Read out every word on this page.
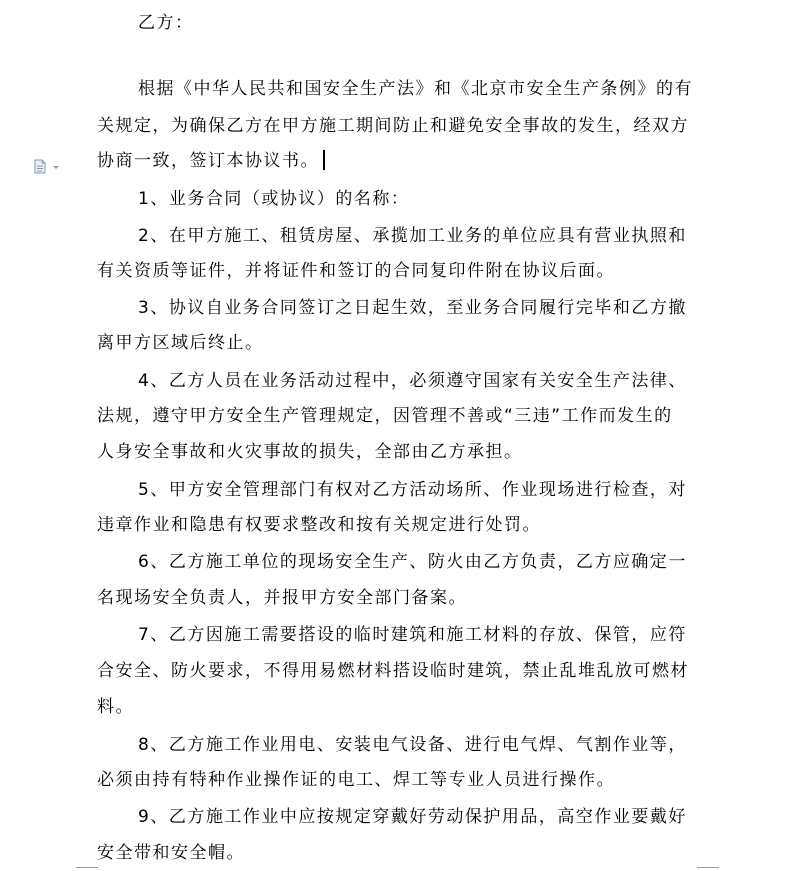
乙方：
根据《中华人民共和国安全生产法》和《北京市安全生产条例》的有
关规定，为确保乙方在甲方施工期间防止和避免安全事故的发生，经双方
协商一致，签订本协议书。
1、业务合同（或协议）的名称：
2、在甲方施工、租赁房屋、承揽加工业务的单位应具有营业执照和
有关资质等证件，并将证件和签订的合同复印件附在协议后面。
3、协议自业务合同签订之日起生效，至业务合同履行完毕和乙方撤
离甲方区域后终止。
4、乙方人员在业务活动过程中，必须遵守国家有关安全生产法律、
法规，遵守甲方安全生产管理规定，因管理不善或“三违”工作而发生的
人身安全事故和火灾事故的损失，全部由乙方承担。
5、甲方安全管理部门有权对乙方活动场所、作业现场进行检查，对
违章作业和隐患有权要求整改和按有关规定进行处罚。
6、乙方施工单位的现场安全生产、防火由乙方负责，乙方应确定一
名现场安全负责人，并报甲方安全部门备案。
7、乙方因施工需要搭设的临时建筑和施工材料的存放、保管，应符
合安全、防火要求，不得用易燃材料搭设临时建筑，禁止乱堆乱放可燃材
料。
8、乙方施工作业用电、安装电气设备、进行电气焊、气割作业等，
必须由持有特种作业操作证的电工、焊工等专业人员进行操作。
9、乙方施工作业中应按规定穿戴好劳动保护用品，高空作业要戴好
安全带和安全帽。
